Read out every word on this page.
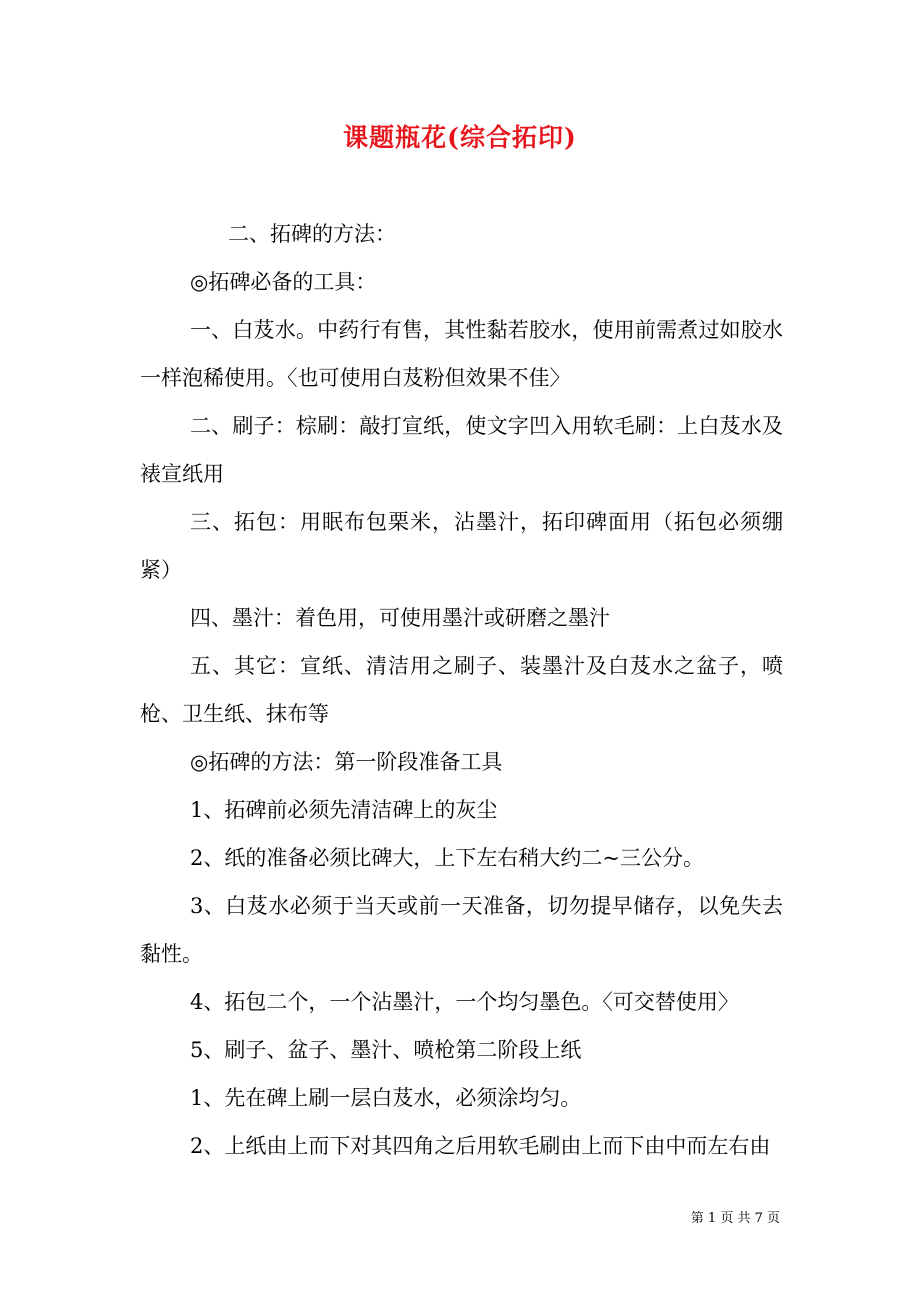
课题瓶花(综合拓印)

二、拓碑的方法：

◎拓碑必备的工具：

一、白芨水。中药行有售，其性黏若胶水，使用前需煮过如胶水一样泡稀使用。〈也可使用白芨粉但效果不佳〉

二、刷子：棕刷：敲打宣纸，使文字凹入用软毛刷：上白芨水及裱宣纸用

三、拓包：用眠布包栗米，沾墨汁，拓印碑面用（拓包必须绷紧）

四、墨汁：着色用，可使用墨汁或研磨之墨汁

五、其它：宣纸、清洁用之刷子、装墨汁及白芨水之盆子，喷枪、卫生纸、抹布等

◎拓碑的方法：第一阶段准备工具

1、拓碑前必须先清洁碑上的灰尘

2、纸的准备必须比碑大，上下左右稍大约二~三公分。

3、白芨水必须于当天或前一天准备，切勿提早储存，以免失去黏性。

4、拓包二个，一个沾墨汁，一个均匀墨色。〈可交替使用〉

5、刷子、盆子、墨汁、喷枪第二阶段上纸

1、先在碑上刷一层白芨水，必须涂均匀。

2、上纸由上而下对其四角之后用软毛刷由上而下由中而左右由

第 1 页 共 7 页
